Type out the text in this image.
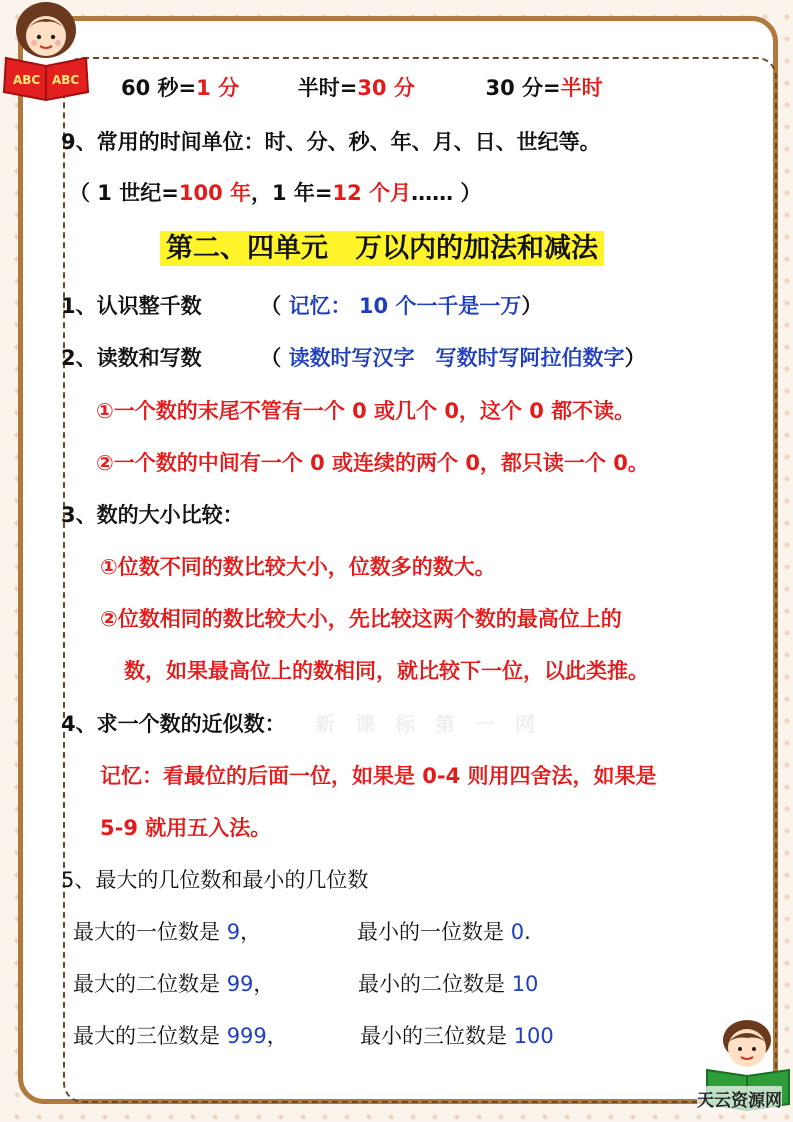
ABC ABC
天云资源网
60 秒=1 分	半时=30 分	30 分=半时
9、常用的时间单位：时、分、秒、年、月、日、世纪等。
（ 1 世纪=100 年，1 年=12 个月…… ）
第二、四单元　万以内的加法和减法
1、认识整千数	（ 记忆： 10 个一千是一万）
2、读数和写数	（ 读数时写汉字　写数时写阿拉伯数字）
①一个数的末尾不管有一个 0 或几个 0，这个 0 都不读。
②一个数的中间有一个 0 或连续的两个 0，都只读一个 0。
3、数的大小比较：
①位数不同的数比较大小，位数多的数大。
②位数相同的数比较大小，先比较这两个数的最高位上的
数，如果最高位上的数相同，就比较下一位，以此类推。
4、求一个数的近似数： 新课标第一网
记忆：看最位的后面一位，如果是 0-4 则用四舍法，如果是
5-9 就用五入法。
5、最大的几位数和最小的几位数
最大的一位数是 9，	最小的一位数是 0.
最大的二位数是 99，	最小的二位数是 10
最大的三位数是 999，	最小的三位数是 100
